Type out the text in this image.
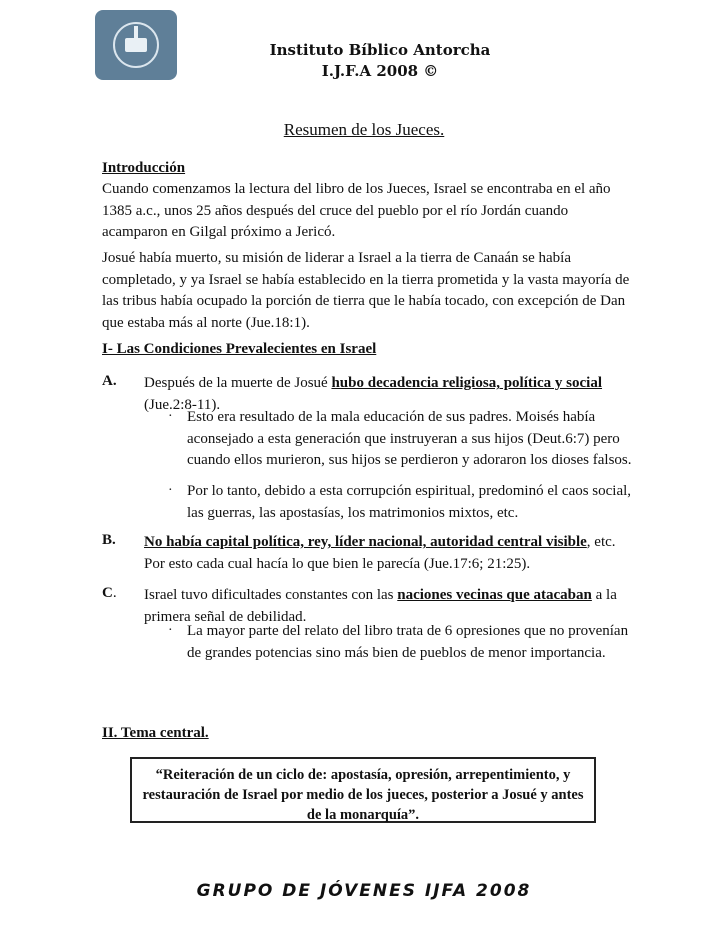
Instituto Bíblico Antorcha
I.J.F.A 2008 ©
Resumen de los Jueces.

Introducción

Cuando comenzamos la lectura del libro de los Jueces, Israel se encontraba en el año 1385 a.c., unos 25 años después del cruce del pueblo por el río Jordán cuando acamparon en Gilgal próximo a Jericó.

Josué había muerto, su misión de liderar a Israel a la tierra de Canaán se había completado, y ya Israel se había establecido en la tierra prometida y la vasta mayoría de las tribus había ocupado la porción de tierra que le había tocado, con excepción de Dan que estaba más al norte (Jue.18:1).

I- Las Condiciones Prevalecientes en Israel

A. Después de la muerte de Josué hubo decadencia religiosa, política y social (Jue.2:8-11).

· Esto era resultado de la mala educación de sus padres. Moisés había aconsejado a esta generación que instruyeran a sus hijos (Deut.6:7) pero cuando ellos murieron, sus hijos se perdieron y adoraron los dioses falsos.

· Por lo tanto, debido a esta corrupción espiritual, predominó el caos social, las guerras, las apostasías, los matrimonios mixtos, etc.

B. No había capital política, rey, líder nacional, autoridad central visible, etc. Por esto cada cual hacía lo que bien le parecía (Jue.17:6; 21:25).

C. Israel tuvo dificultades constantes con las naciones vecinas que atacaban a la primera señal de debilidad.

· La mayor parte del relato del libro trata de 6 opresiones que no provenían de grandes potencias sino más bien de pueblos de menor importancia.

II. Tema central.

“Reiteración de un ciclo de: apostasía, opresión, arrepentimiento, y restauración de Israel por medio de los jueces, posterior a Josué y antes de la monarquía”.
GRUPO DE JÓVENES IJFA 2008
